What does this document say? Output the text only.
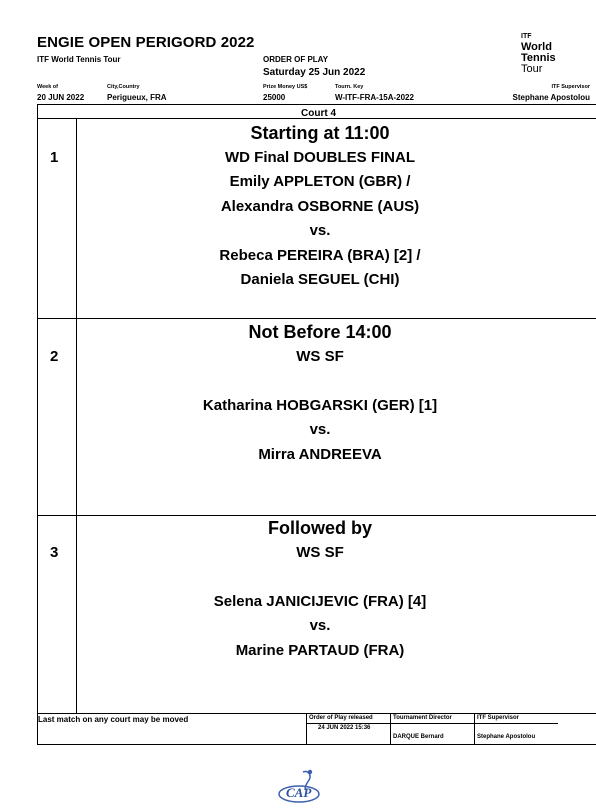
ENGIE OPEN PERIGORD 2022
ITF World Tennis Tour	ORDER OF PLAY
Saturday 25 Jun 2022
ITF
World
Tennis
Tour
Week of
20 JUN 2022
City,Country
Perigueux, FRA
Prize Money US$
25000
Tourn. Key
W-ITF-FRA-15A-2022
ITF Supervisor
Stephane Apostolou
Court 4
1
Starting at 11:00
WD Final DOUBLES FINAL
Emily APPLETON (GBR) /
Alexandra OSBORNE (AUS)
vs.
Rebeca PEREIRA (BRA) [2] /
Daniela SEGUEL (CHI)
2
Not Before 14:00
WS SF

Katharina HOBGARSKI (GER) [1]
vs.
Mirra ANDREEVA
3
Followed by
WS SF

Selena JANICIJEVIC (FRA) [4]
vs.
Marine PARTAUD (FRA)
Last match on any court may be moved	Order of Play released
24 JUN 2022 15:36
Tournament Director
DARQUE Bernard
ITF Supervisor
Stephane Apostolou
CAP
